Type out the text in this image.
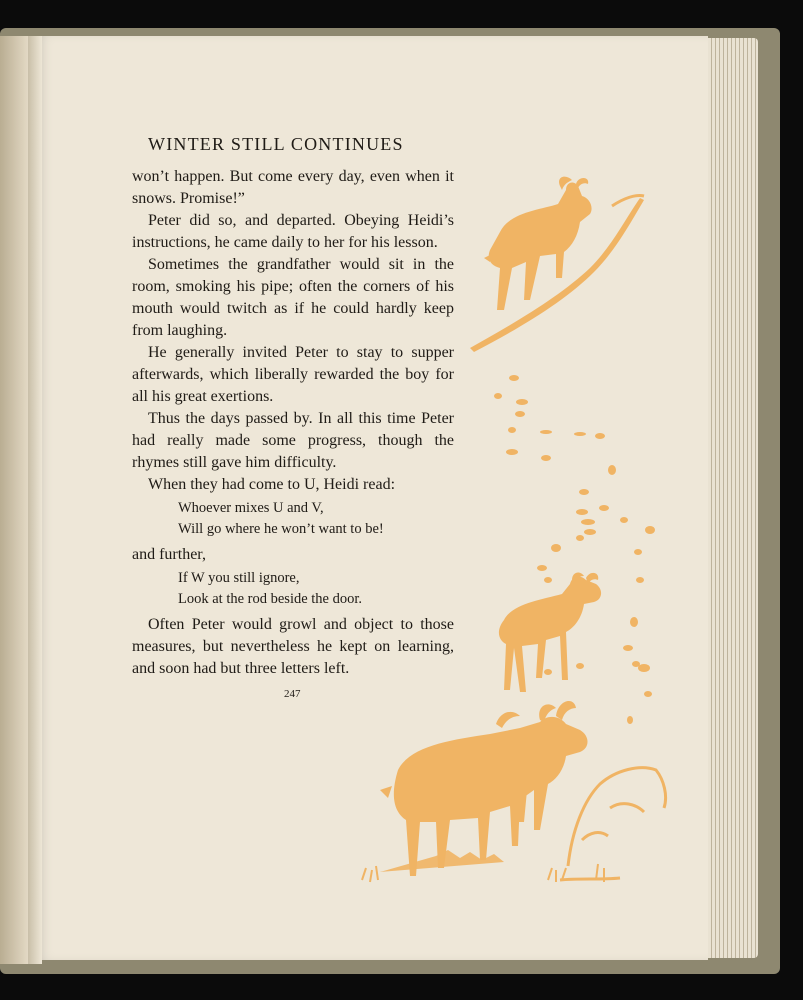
WINTER STILL CONTINUES

won’t happen. But come every day, even when it snows. Promise!”

Peter did so, and departed. Obeying Heidi’s instructions, he came daily to her for his lesson.

Sometimes the grandfather would sit in the room, smoking his pipe; often the corners of his mouth would twitch as if he could hardly keep from laughing.

He generally invited Peter to stay to supper afterwards, which liberally rewarded the boy for all his great exertions.

Thus the days passed by. In all this time Peter had really made some progress, though the rhymes still gave him difficulty.

When they had come to U, Heidi read:

Whoever mixes U and V,
Will go where he won’t want to be!

and further,

If W you still ignore,
Look at the rod beside the door.

Often Peter would growl and object to those measures, but nevertheless he kept on learning, and soon had but three letters left.

247
